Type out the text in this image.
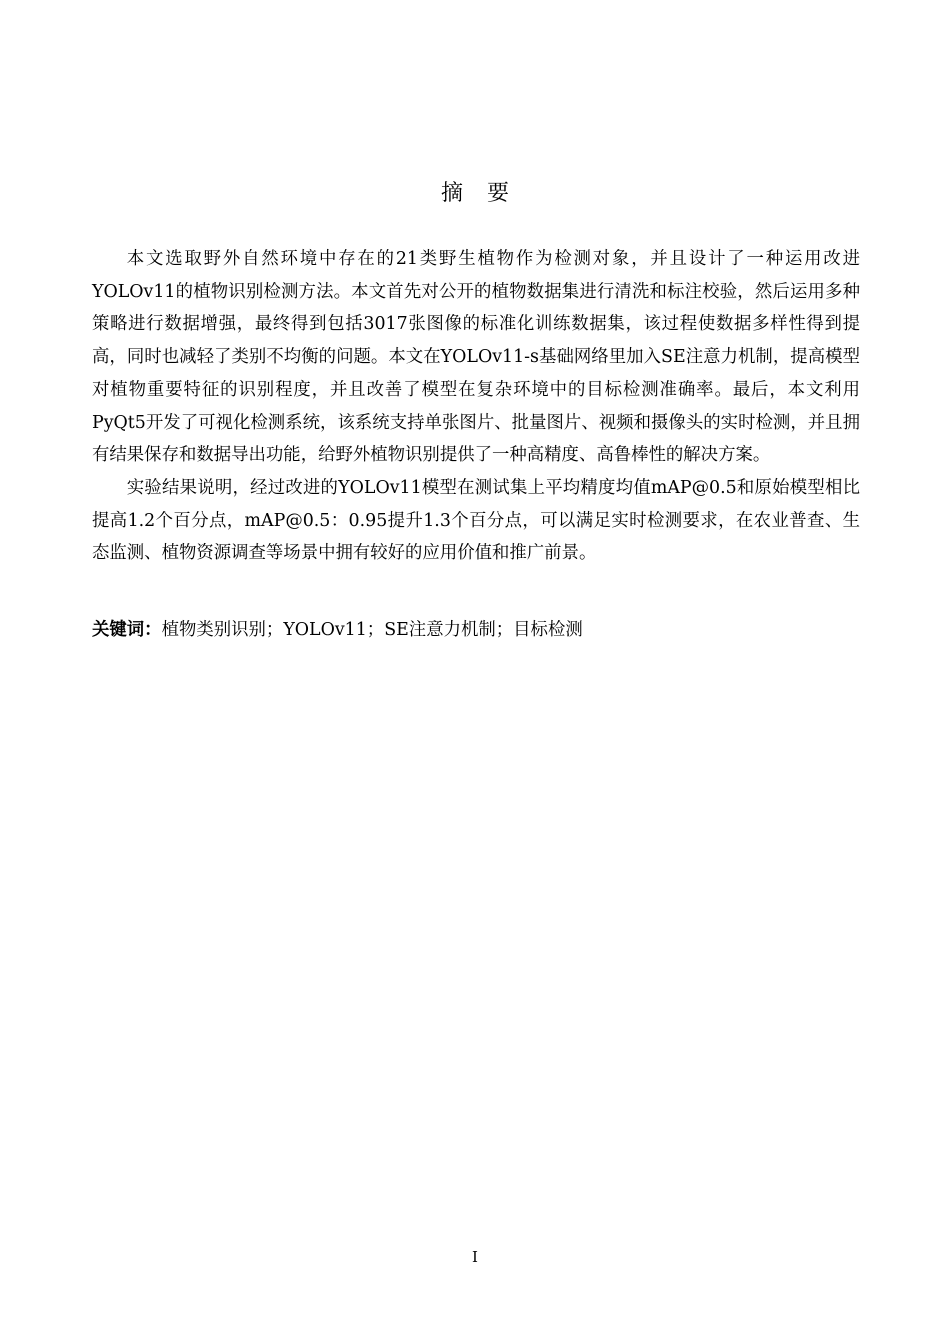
摘要

本文选取野外自然环境中存在的21类野生植物作为检测对象，并且设计了一种运用改进YOLOv11的植物识别检测方法。本文首先对公开的植物数据集进行清洗和标注校验，然后运用多种策略进行数据增强，最终得到包括3017张图像的标准化训练数据集，该过程使数据多样性得到提高，同时也减轻了类别不均衡的问题。本文在YOLOv11-s基础网络里加入SE注意力机制，提高模型对植物重要特征的识别程度，并且改善了模型在复杂环境中的目标检测准确率。最后，本文利用PyQt5开发了可视化检测系统，该系统支持单张图片、批量图片、视频和摄像头的实时检测，并且拥有结果保存和数据导出功能，给野外植物识别提供了一种高精度、高鲁棒性的解决方案。

实验结果说明，经过改进的YOLOv11模型在测试集上平均精度均值mAP@0.5和原始模型相比提高1.2个百分点，mAP@0.5：0.95提升1.3个百分点，可以满足实时检测要求，在农业普查、生态监测、植物资源调查等场景中拥有较好的应用价值和推广前景。

关键词：植物类别识别；YOLOv11；SE注意力机制；目标检测
I
